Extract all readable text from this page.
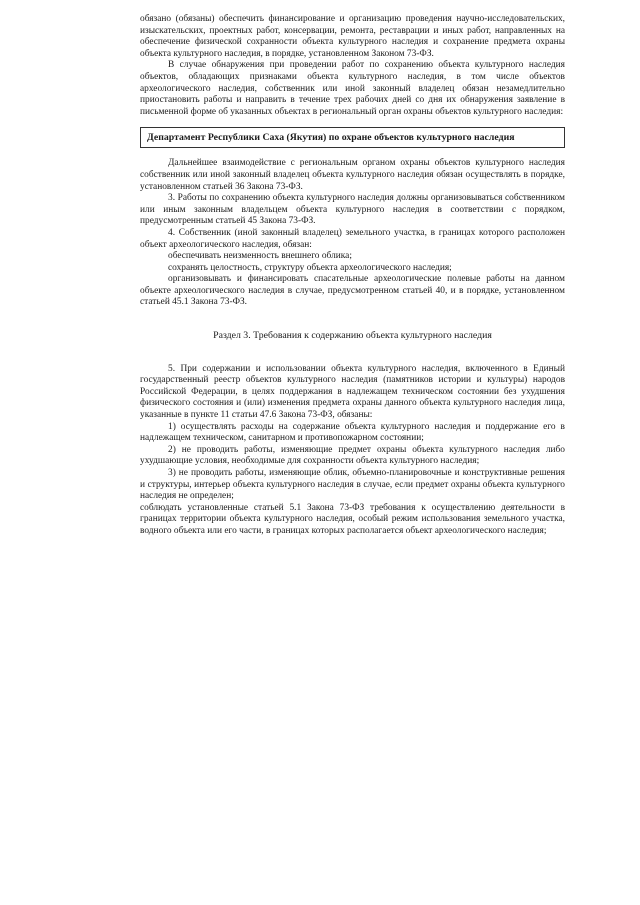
обязано (обязаны) обеспечить финансирование и организацию проведения научно-исследовательских, изыскательских, проектных работ, консервации, ремонта, реставрации и иных работ, направленных на обеспечение физической сохранности объекта культурного наследия и сохранение предмета охраны объекта культурного наследия, в порядке, установленном Законом 73-ФЗ.

В случае обнаружения при проведении работ по сохранению объекта культурного наследия объектов, обладающих признаками объекта культурного наследия, в том числе объектов археологического наследия, собственник или иной законный владелец обязан незамедлительно приостановить работы и направить в течение трех рабочих дней со дня их обнаружения заявление в письменной форме об указанных объектах в региональный орган охраны объектов культурного наследия:

Департамент Республики Саха (Якутия) по охране объектов культурного наследия

Дальнейшее взаимодействие с региональным органом охраны объектов культурного наследия собственник или иной законный владелец объекта культурного наследия обязан осуществлять в порядке, установленном статьей 36 Закона 73-ФЗ.

3. Работы по сохранению объекта культурного наследия должны организовываться собственником или иным законным владельцем объекта культурного наследия в соответствии с порядком, предусмотренным статьей 45 Закона 73-ФЗ.

4. Собственник (иной законный владелец) земельного участка, в границах которого расположен объект археологического наследия, обязан:

обеспечивать неизменность внешнего облика;

сохранять целостность, структуру объекта археологического наследия;

организовывать и финансировать спасательные археологические полевые работы на данном объекте археологического наследия в случае, предусмотренном статьей 40, и в порядке, установленном статьей 45.1 Закона 73-ФЗ.

Раздел 3. Требования к содержанию объекта культурного наследия

5. При содержании и использовании объекта культурного наследия, включенного в Единый государственный реестр объектов культурного наследия (памятников истории и культуры) народов Российской Федерации, в целях поддержания в надлежащем техническом состоянии без ухудшения физического состояния и (или) изменения предмета охраны данного объекта культурного наследия лица, указанные в пункте 11 статьи 47.6 Закона 73-ФЗ, обязаны:

1) осуществлять расходы на содержание объекта культурного наследия и поддержание его в надлежащем техническом, санитарном и противопожарном состоянии;

2) не проводить работы, изменяющие предмет охраны объекта культурного наследия либо ухудшающие условия, необходимые для сохранности объекта культурного наследия;

3) не проводить работы, изменяющие облик, объемно-планировочные и конструктивные решения и структуры, интерьер объекта культурного наследия в случае, если предмет охраны объекта культурного наследия не определен;

соблюдать установленные статьей 5.1 Закона 73-ФЗ требования к осуществлению деятельности в границах территории объекта культурного наследия, особый режим использования земельного участка, водного объекта или его части, в границах которых располагается объект археологического наследия;
